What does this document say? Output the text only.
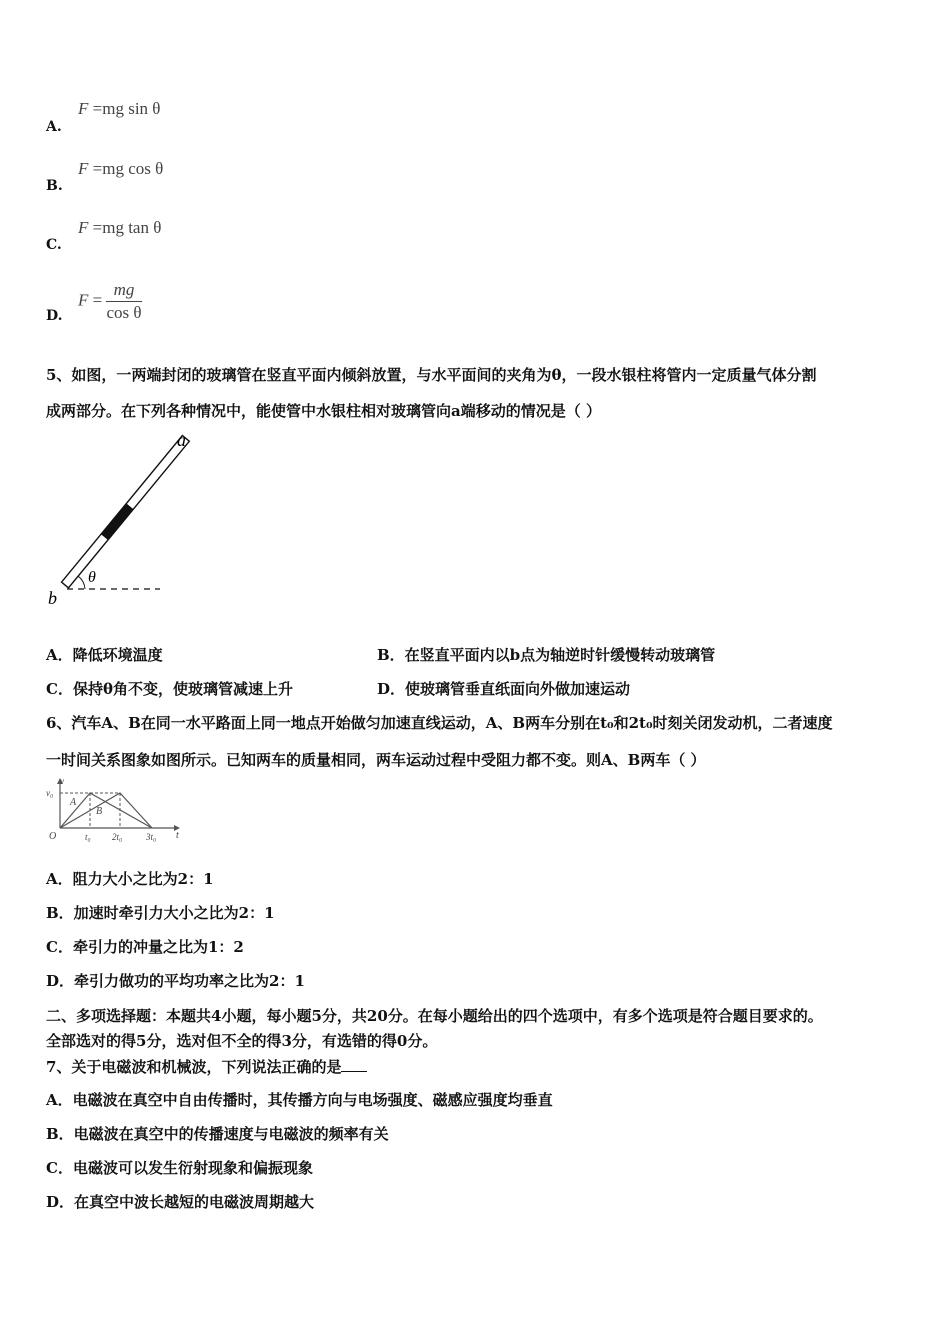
A.
F =mg sin θ
B.
F =mg cos θ
C.
F =mg tan θ
D.
$F = \frac{mg}{\text{cos θ}}$
5、如图，一两端封闭的玻璃管在竖直平面内倾斜放置，与水平面间的夹角为θ，一段水银柱将管内一定质量气体分割
成两部分。在下列各种情况中，能使管中水银柱相对玻璃管向a端移动的情况是（ ）
θ
a
b
A．降低环境温度	B．在竖直平面内以b点为轴逆时针缓慢转动玻璃管
C．保持θ角不变，使玻璃管减速上升	D．使玻璃管垂直纸面向外做加速运动
6、汽车A、B在同一水平路面上同一地点开始做匀加速直线运动，A、B两车分别在t₀和2t₀时刻关闭发动机，二者速度
一时间关系图象如图所示。已知两车的质量相同，两车运动过程中受阻力都不变。则A、B两车（ ）
v
v₀
t
O	t₀ 2t₀	3t₀
A
B
A．阻力大小之比为2：1
B．加速时牵引力大小之比为2：1
C．牵引力的冲量之比为1：2
D．牵引力做功的平均功率之比为2：1
二、多项选择题：本题共4小题，每小题5分，共20分。在每小题给出的四个选项中，有多个选项是符合题目要求的。
全部选对的得5分，选对但不全的得3分，有选错的得0分。
7、关于电磁波和机械波，下列说法正确的是
A．电磁波在真空中自由传播时，其传播方向与电场强度、磁感应强度均垂直
B．电磁波在真空中的传播速度与电磁波的频率有关
C．电磁波可以发生衍射现象和偏振现象
D．在真空中波长越短的电磁波周期越大
